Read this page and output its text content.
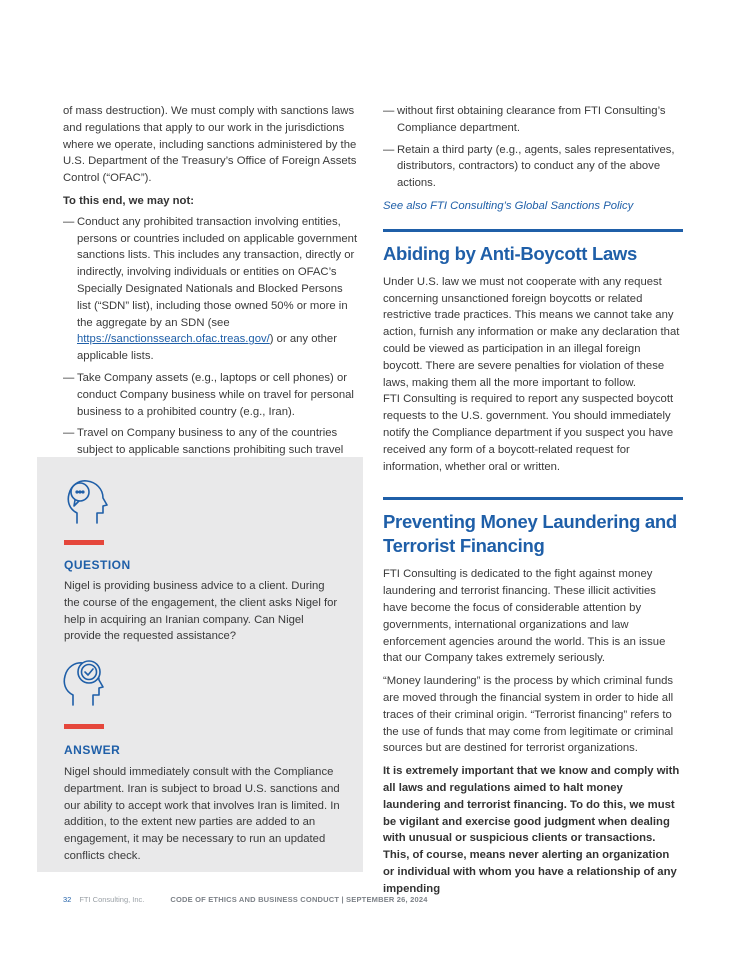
of mass destruction). We must comply with sanctions laws and regulations that apply to our work in the jurisdictions where we operate, including sanctions administered by the U.S. Department of the Treasury’s Office of Foreign Assets Control (“OFAC”).

To this end, we may not:

— Conduct any prohibited transaction involving entities, persons or countries included on applicable government sanctions lists. This includes any transaction, directly or indirectly, involving individuals or entities on OFAC’s Specially Designated Nationals and Blocked Persons list (“SDN” list), including those owned 50% or more in the aggregate by an SDN (see https://sanctionssearch.ofac.treas.gov/) or any other applicable lists.
— Take Company assets (e.g., laptops or cell phones) or conduct Company business while on travel for personal business to a prohibited country (e.g., Iran).
— Travel on Company business to any of the countries subject to applicable sanctions prohibiting such travel
QUESTION
Nigel is providing business advice to a client. During the course of the engagement, the client asks Nigel for help in acquiring an Iranian company. Can Nigel provide the requested assistance?
ANSWER
Nigel should immediately consult with the Compliance department. Iran is subject to broad U.S. sanctions and our ability to accept work that involves Iran is limited. In addition, to the extent new parties are added to an engagement, it may be necessary to run an updated conflicts check.
— without first obtaining clearance from FTI Consulting’s Compliance department.
— Retain a third party (e.g., agents, sales representatives, distributors, contractors) to conduct any of the above actions.

See also FTI Consulting’s Global Sanctions Policy

Abiding by Anti-Boycott Laws

Under U.S. law we must not cooperate with any request concerning unsanctioned foreign boycotts or related restrictive trade practices. This means we cannot take any action, furnish any information or make any declaration that could be viewed as participation in an illegal foreign boycott. There are severe penalties for violation of these laws, making them all the more important to follow.

FTI Consulting is required to report any suspected boycott requests to the U.S. government. You should immediately notify the Compliance department if you suspect you have received any form of a boycott-related request for information, whether oral or written.

Preventing Money Laundering and Terrorist Financing

FTI Consulting is dedicated to the fight against money laundering and terrorist financing. These illicit activities have become the focus of considerable attention by governments, international organizations and law enforcement agencies around the world. This is an issue that our Company takes extremely seriously.

“Money laundering” is the process by which criminal funds are moved through the financial system in order to hide all traces of their criminal origin. “Terrorist financing” refers to the use of funds that may come from legitimate or criminal sources but are destined for terrorist organizations.

It is extremely important that we know and comply with all laws and regulations aimed to halt money laundering and terrorist financing. To do this, we must be vigilant and exercise good judgment when dealing with unusual or suspicious clients or transactions. This, of course, means never alerting an organization or individual with whom you have a relationship of any impending

32 FTI Consulting, Inc.	CODE OF ETHICS AND BUSINESS CONDUCT | SEPTEMBER 26, 2024
